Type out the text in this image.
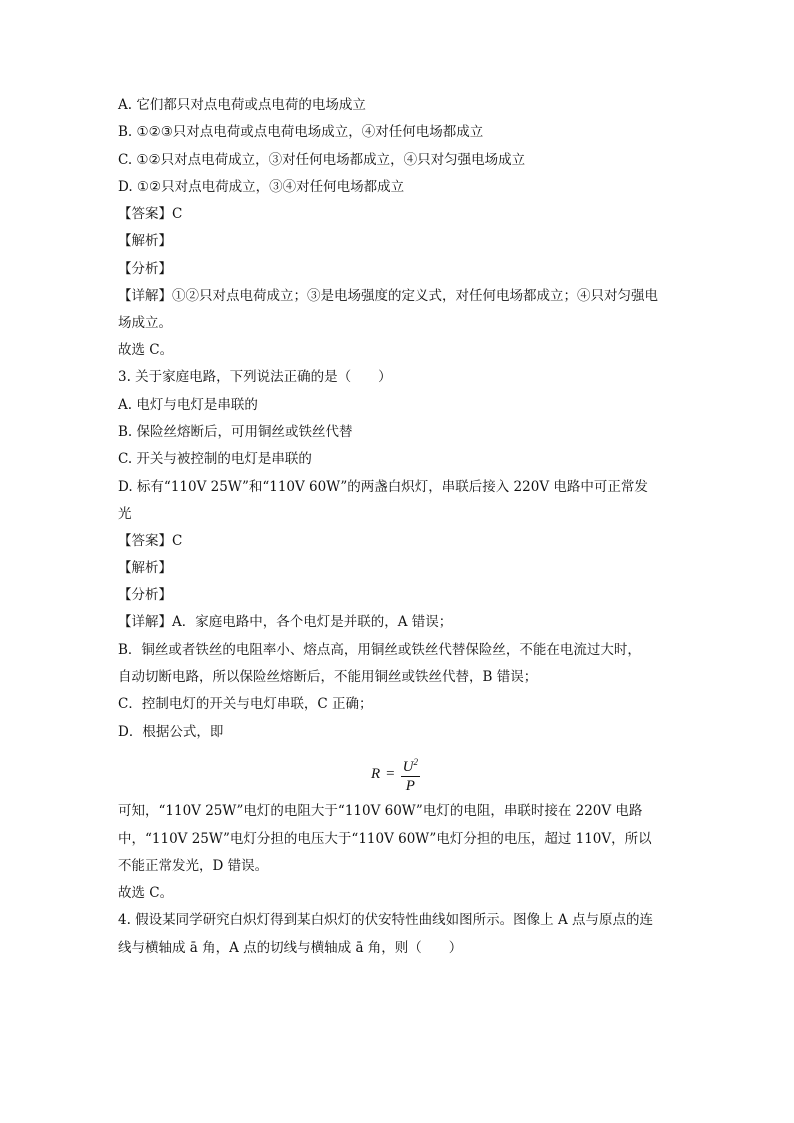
A. 它们都只对点电荷或点电荷的电场成立
B. ①②③只对点电荷或点电荷电场成立，④对任何电场都成立
C. ①②只对点电荷成立，③对任何电场都成立，④只对匀强电场成立
D. ①②只对点电荷成立，③④对任何电场都成立
【答案】C
【解析】
【分析】
【详解】①②只对点电荷成立；③是电场强度的定义式，对任何电场都成立；④只对匀强电
场成立。
故选 C。
3. 关于家庭电路，下列说法正确的是（　　）
A. 电灯与电灯是串联的
B. 保险丝熔断后，可用铜丝或铁丝代替
C. 开关与被控制的电灯是串联的
D. 标有“110V 25W”和“110V 60W”的两盏白炽灯，串联后接入 220V 电路中可正常发
光
【答案】C
【解析】
【分析】
【详解】A．家庭电路中，各个电灯是并联的，A 错误；
B．铜丝或者铁丝的电阻率小、熔点高，用铜丝或铁丝代替保险丝，不能在电流过大时，
自动切断电路，所以保险丝熔断后，不能用铜丝或铁丝代替，B 错误；
C．控制电灯的开关与电灯串联，C 正确；
D．根据公式，即
$R = \frac{U^2}{P}$
可知，“110V 25W”电灯的电阻大于“110V 60W”电灯的电阻，串联时接在 220V 电路
中，“110V 25W”电灯分担的电压大于“110V 60W”电灯分担的电压，超过 110V，所以
不能正常发光，D 错误。
故选 C。
4. 假设某同学研究白炽灯得到某白炽灯的伏安特性曲线如图所示。图像上 A 点与原点的连
线与横轴成 ā 角，A 点的切线与横轴成 ā 角，则（　　）
